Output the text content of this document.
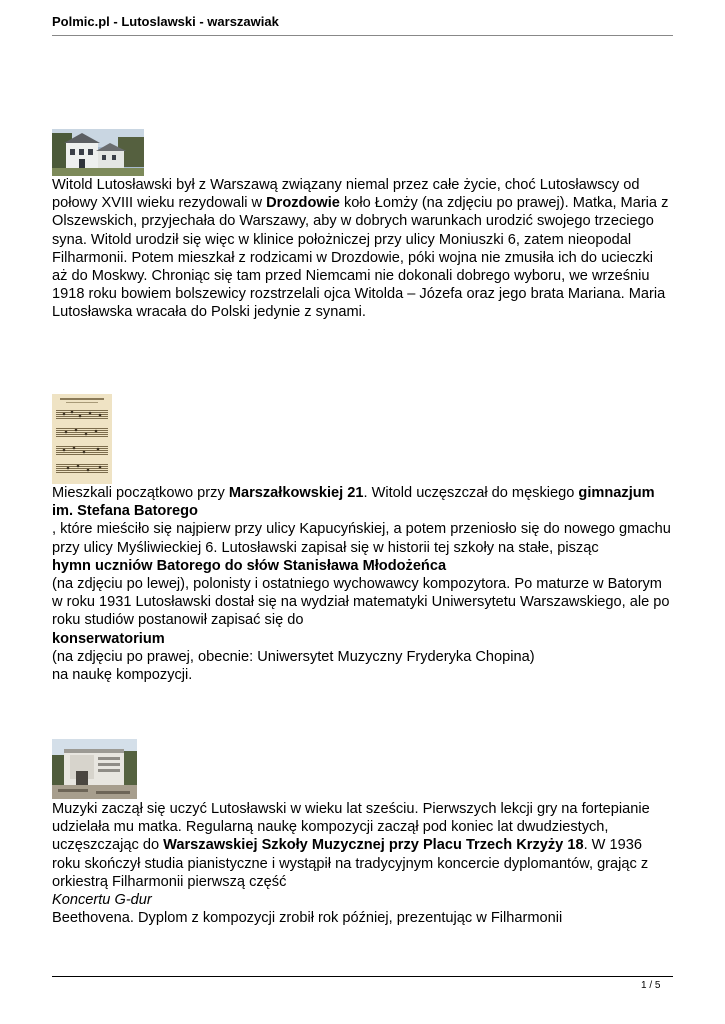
Polmic.pl - Lutoslawski - warszawiak
Witold Lutosławski był z Warszawą związany niemal przez całe życie, choć Lutosławscy od
połowy XVIII wieku rezydowali w Drozdowie koło Łomży (na zdjęciu po prawej). Matka, Maria z
Olszewskich, przyjechała do Warszawy, aby w dobrych warunkach urodzić swojego trzeciego
syna. Witold urodził się więc w klinice położniczej przy ulicy Moniuszki 6, zatem nieopodal
Filharmonii. Potem mieszkał z rodzicami w Drozdowie, póki wojna nie zmusiła ich do ucieczki
aż do Moskwy. Chroniąc się tam przed Niemcami nie dokonali dobrego wyboru, we wrześniu
1918 roku bowiem bolszewicy rozstrzelali ojca Witolda – Józefa oraz jego brata Mariana. Maria
Lutosławska wracała do Polski jedynie z synami.
Mieszkali początkowo przy Marszałkowskiej 21. Witold uczęszczał do męskiego gimnazjum
im. Stefana Batorego
, które mieściło się najpierw przy ulicy Kapucyńskiej, a potem przeniosło się do nowego gmachu
przy ulicy Myśliwieckiej 6. Lutosławski zapisał się w historii tej szkoły na stałe, pisząc
hymn uczniów Batorego do słów Stanisława Młodożeńca
(na zdjęciu po lewej), polonisty i ostatniego wychowawcy kompozytora. Po maturze w Batorym
w roku 1931 Lutosławski dostał się na wydział matematyki Uniwersytetu Warszawskiego, ale po
roku studiów postanowił zapisać się do
konserwatorium
(na zdjęciu po prawej, obecnie: Uniwersytet Muzyczny Fryderyka Chopina)
na naukę kompozycji.
Muzyki zaczął się uczyć Lutosławski w wieku lat sześciu. Pierwszych lekcji gry na fortepianie
udzielała mu matka. Regularną naukę kompozycji zaczął pod koniec lat dwudziestych,
uczęszczając do Warszawskiej Szkoły Muzycznej przy Placu Trzech Krzyży 18. W 1936
roku skończył studia pianistyczne i wystąpił na tradycyjnym koncercie dyplomantów, grając z
orkiestrą Filharmonii pierwszą część
Koncertu G-dur
Beethovena. Dyplom z kompozycji zrobił rok później, prezentując w Filharmonii
1 / 5
